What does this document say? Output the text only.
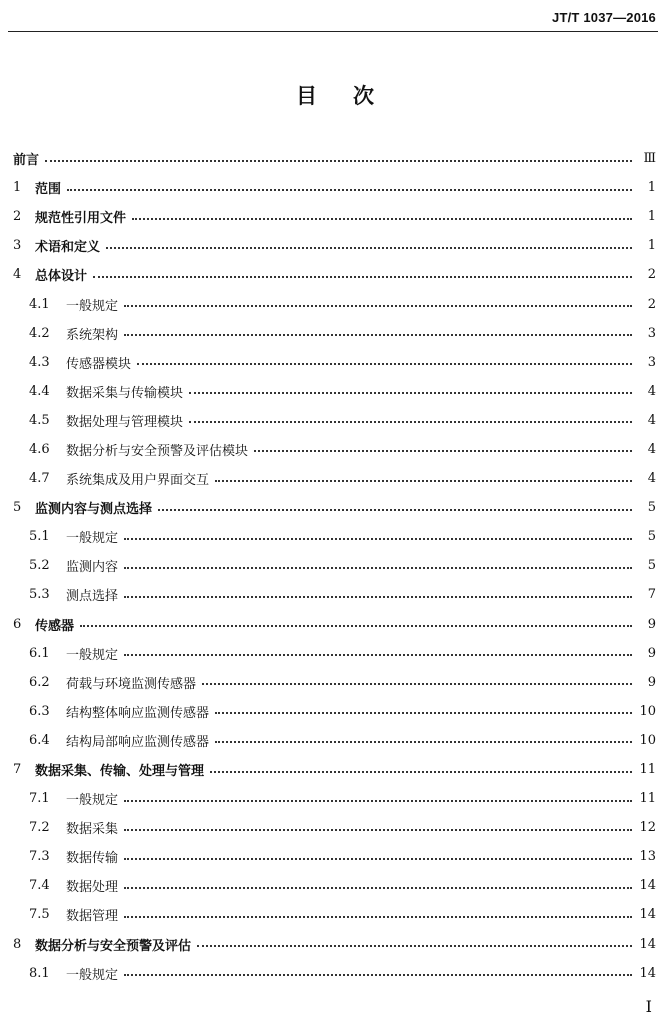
JT/T 1037—2016
目次
前言	Ⅲ
1	范围	1
2	规范性引用文件	1
3	术语和定义	1
4	总体设计	2
4.1	一般规定	2
4.2	系统架构	3
4.3	传感器模块	3
4.4	数据采集与传输模块	4
4.5	数据处理与管理模块	4
4.6	数据分析与安全预警及评估模块	4
4.7	系统集成及用户界面交互	4
5	监测内容与测点选择	5
5.1	一般规定	5
5.2	监测内容	5
5.3	测点选择	7
6	传感器	9
6.1	一般规定	9
6.2	荷载与环境监测传感器	9
6.3	结构整体响应监测传感器	10
6.4	结构局部响应监测传感器	10
7	数据采集、传输、处理与管理	11
7.1	一般规定	11
7.2	数据采集	12
7.3	数据传输	13
7.4	数据处理	14
7.5	数据管理	14
8	数据分析与安全预警及评估	14
8.1	一般规定	14
I
